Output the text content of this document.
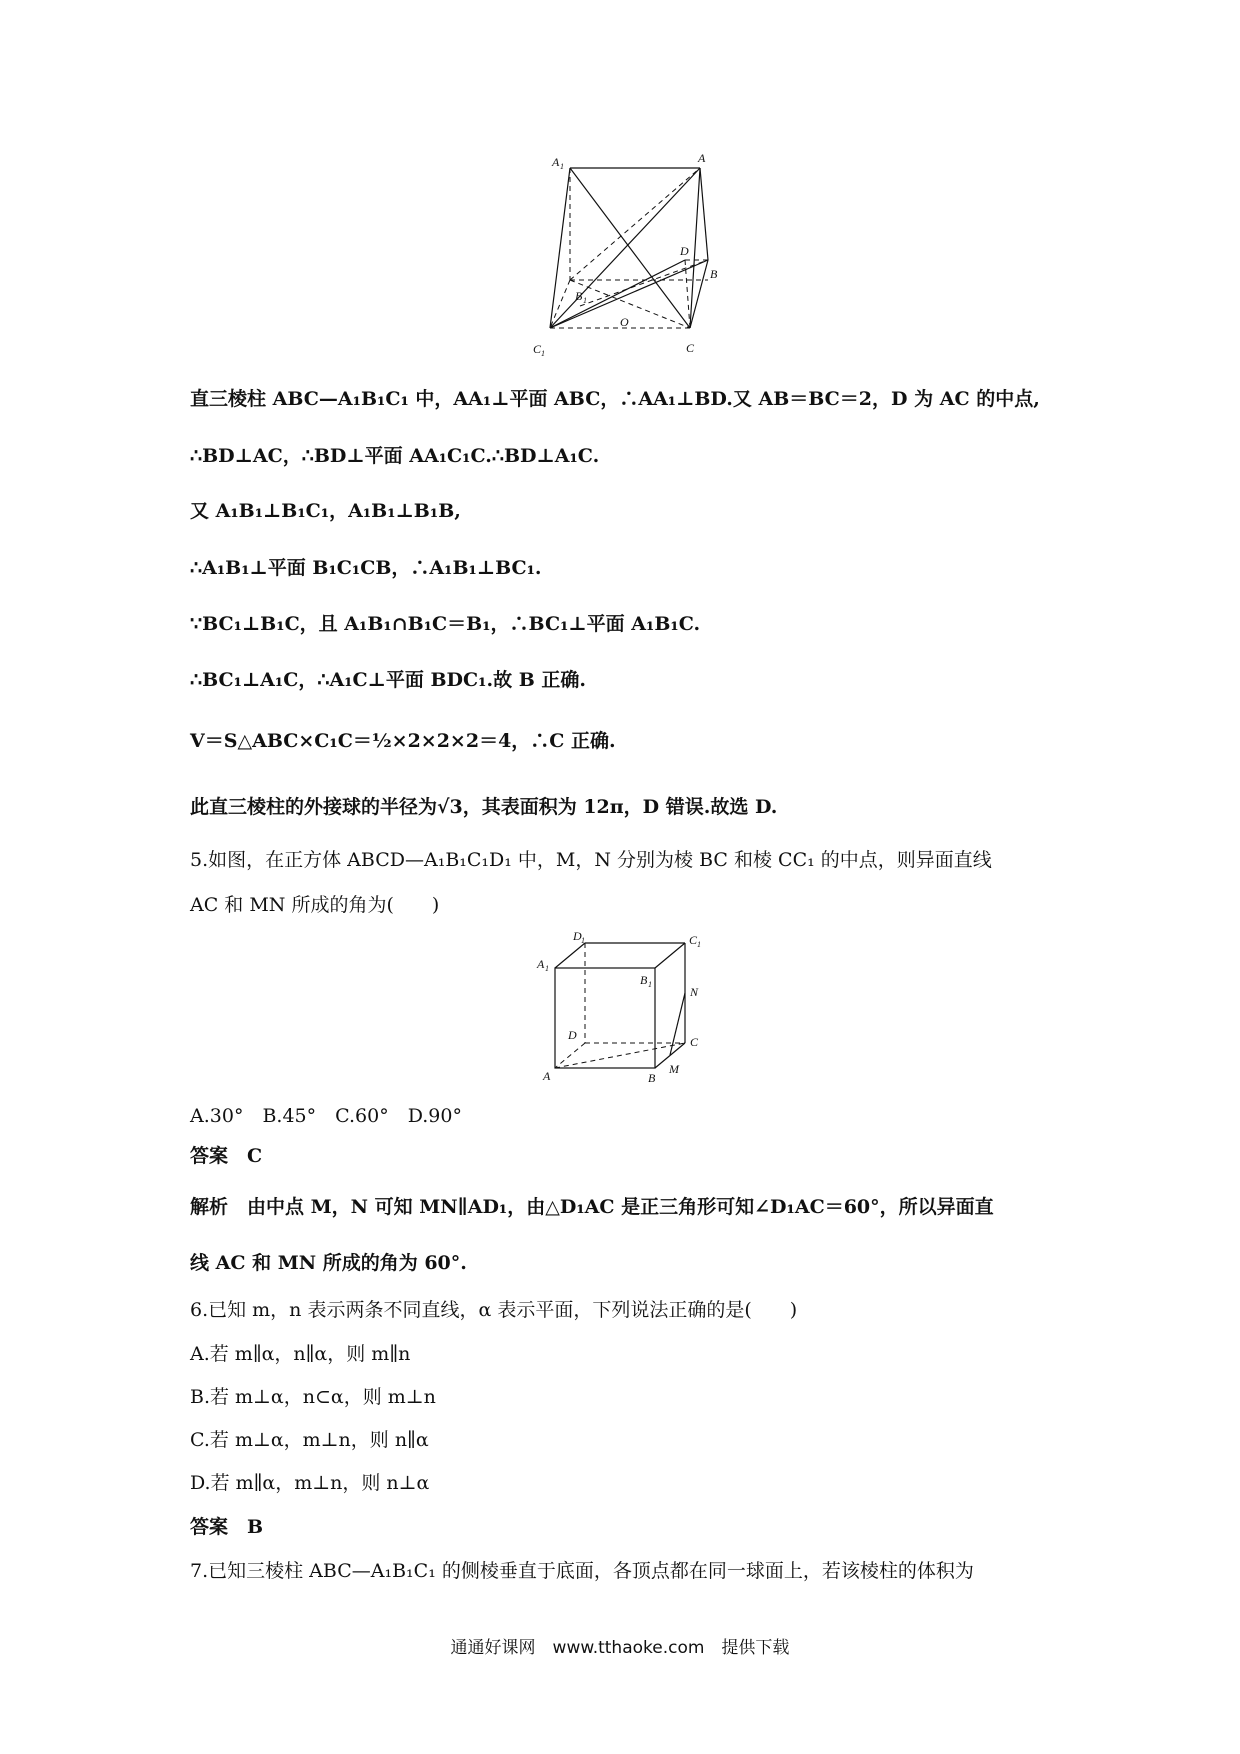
A 1
A
D
B
B 1
O
C 1	C
直三棱柱 ABC—A₁B₁C₁ 中，AA₁⊥平面 ABC，∴AA₁⊥BD.又 AB＝BC＝2，D 为 AC 的中点,
∴BD⊥AC，∴BD⊥平面 AA₁C₁C.∴BD⊥A₁C.
又 A₁B₁⊥B₁C₁，A₁B₁⊥B₁B,
∴A₁B₁⊥平面 B₁C₁CB，∴A₁B₁⊥BC₁.
∵BC₁⊥B₁C，且 A₁B₁∩B₁C＝B₁，∴BC₁⊥平面 A₁B₁C.
∴BC₁⊥A₁C，∴A₁C⊥平面 BDC₁.故 B 正确.
V＝S△ABC×C₁C＝½×2×2×2＝4，∴C 正确.
此直三棱柱的外接球的半径为√3，其表面积为 12π，D 错误.故选 D.
5.如图，在正方体 ABCD—A₁B₁C₁D₁ 中，M，N 分别为棱 BC 和棱 CC₁ 的中点，则异面直线
AC 和 MN 所成的角为(　　)
D 1	C 1
A 1
B 1
N
D	C
A	B
M
A.30°　B.45°　C.60°　D.90°
答案　C
解析　由中点 M，N 可知 MN∥AD₁，由△D₁AC 是正三角形可知∠D₁AC＝60°，所以异面直
线 AC 和 MN 所成的角为 60°.
6.已知 m，n 表示两条不同直线，α 表示平面，下列说法正确的是(　　)
A.若 m∥α，n∥α，则 m∥n
B.若 m⊥α，n⊂α，则 m⊥n
C.若 m⊥α，m⊥n，则 n∥α
D.若 m∥α，m⊥n，则 n⊥α
答案　B
7.已知三棱柱 ABC—A₁B₁C₁ 的侧棱垂直于底面，各顶点都在同一球面上，若该棱柱的体积为
通通好课网　www.tthaoke.com　提供下载
